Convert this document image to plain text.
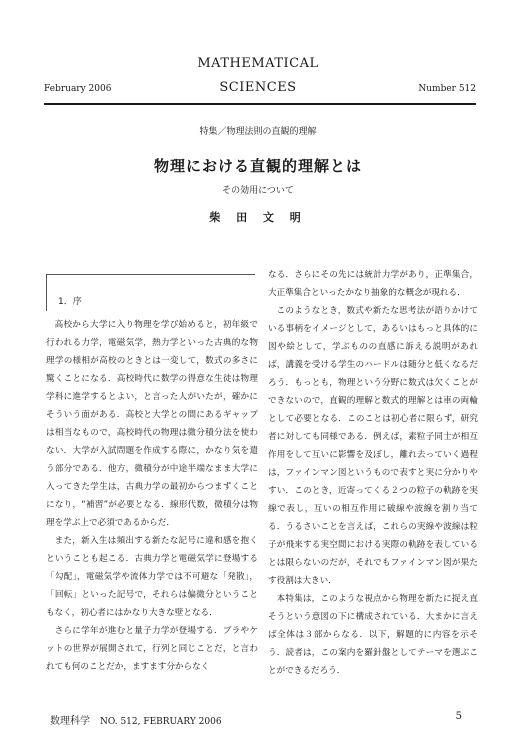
MATHEMATICAL
February 2006	SCIENCES	Number 512
特集／物理法則の直観的理解
物理における直観的理解とは
その効用について
柴 田 文 明
1．序

高校から大学に入り物理を学び始めると，初年級で行われる力学，電磁気学，熱力学といった古典的な物理学の様相が高校のときとは一変して，数式の多さに驚くことになる．高校時代に数学の得意な生徒は物理学科に進学するとよい，と言った人がいたが，確かにそういう面がある．高校と大学との間にあるギャップは相当なもので，高校時代の物理は微分積分法を使わない．大学が入試問題を作成する際に，かなり気を遣う部分である．他方，微積分が中途半端なまま大学に入ってきた学生は，古典力学の最初からつまずくことになり，“補習”が必要となる．線形代数，微積分は物理を学ぶ上で必須であるからだ．

また，新入生は頻出する新たな記号に違和感を抱くということも起こる．古典力学と電磁気学に登場する「勾配」，電磁気学や流体力学では不可避な「発散」，「回転」といった記号で，それらは偏微分ということもなく，初心者にはかなり大きな壁となる．

さらに学年が進むと量子力学が登場する．ブラやケットの世界が展開されて，行列と同じことだ，と言われても何のことだか，ますます分からなく

なる．さらにその先には統計力学があり，正準集合，大正準集合といったかなり抽象的な概念が現れる．

このようなとき，数式や新たな思考法が語りかけている事柄をイメージとして，あるいはもっと具体的に図や絵として，学ぶものの直感に訴える説明があれば，講義を受ける学生のハードルは随分と低くなるだろう．もっとも，物理という分野に数式は欠くことができないので，直観的理解と数式的理解とは車の両輪として必要となる．このことは初心者に限らず，研究者に対しても同様である．例えば，素粒子同士が相互作用をして互いに影響を及ぼし，離れ去っていく過程は，ファインマン図というもので表すと実に分かりやすい．このとき，近寄ってくる２つの粒子の軌跡を実線で表し，互いの相互作用に破線や波線を割り当てる．うるさいことを言えば，これらの実線や波線は粒子が飛来する実空間における実際の軌跡を表しているとは限らないのだが，それでもファインマン図が果たす役割は大きい．

本特集は，このような視点から物理を新たに捉え直そうという意図の下に構成されている．大まかに言えば全体は３部からなる．以下，解題的に内容を示そう．読者は，この案内を羅針盤としてテーマを選ぶことができるだろう．

数理科学 NO. 512, FEBRUARY 2006	5
